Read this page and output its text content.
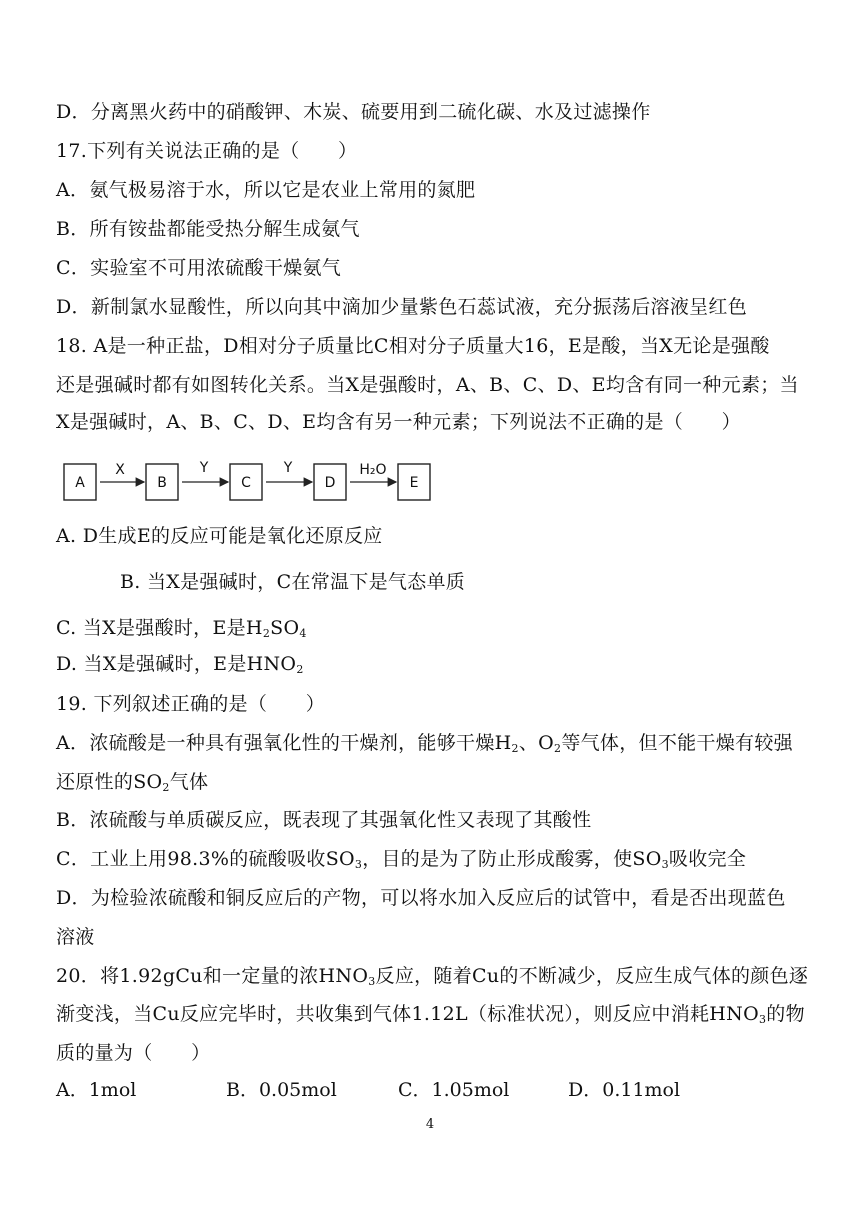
D．分离黑火药中的硝酸钾、木炭、硫要用到二硫化碳、水及过滤操作
17.下列有关说法正确的是（　　）
A．氨气极易溶于水，所以它是农业上常用的氮肥
B．所有铵盐都能受热分解生成氨气
C．实验室不可用浓硫酸干燥氨气
D．新制氯水显酸性，所以向其中滴加少量紫色石蕊试液，充分振荡后溶液呈红色
18. A是一种正盐，D相对分子质量比C相对分子质量大16，E是酸，当X无论是强酸
还是强碱时都有如图转化关系。当X是强酸时，A、B、C、D、E均含有同一种元素；当
X是强碱时，A、B、C、D、E均含有另一种元素；下列说法不正确的是（　　）
A	B	C	D	E
X	Y	Y	H₂O
A. D生成E的反应可能是氧化还原反应
B. 当X是强碱时，C在常温下是气态单质
C. 当X是强酸时，E是$H_2SO_4$
D. 当X是强碱时，E是$HNO_2$
19. 下列叙述正确的是（　　）
A．浓硫酸是一种具有强氧化性的干燥剂，能够干燥$H_2$、$O_2$等气体，但不能干燥有较强
还原性的$SO_2$气体
B．浓硫酸与单质碳反应，既表现了其强氧化性又表现了其酸性
C．工业上用98.3%的硫酸吸收$SO_3$，目的是为了防止形成酸雾，使$SO_3$吸收完全
D．为检验浓硫酸和铜反应后的产物，可以将水加入反应后的试管中，看是否出现蓝色
溶液
20．将1.92gCu和一定量的浓$HNO_3$反应，随着Cu的不断减少，反应生成气体的颜色逐
渐变浅，当Cu反应完毕时，共收集到气体1.12L（标准状况），则反应中消耗$HNO_3$的物
质的量为（　　）
A．1mol	B．0.05mol	C．1.05mol	D．0.11mol
4
